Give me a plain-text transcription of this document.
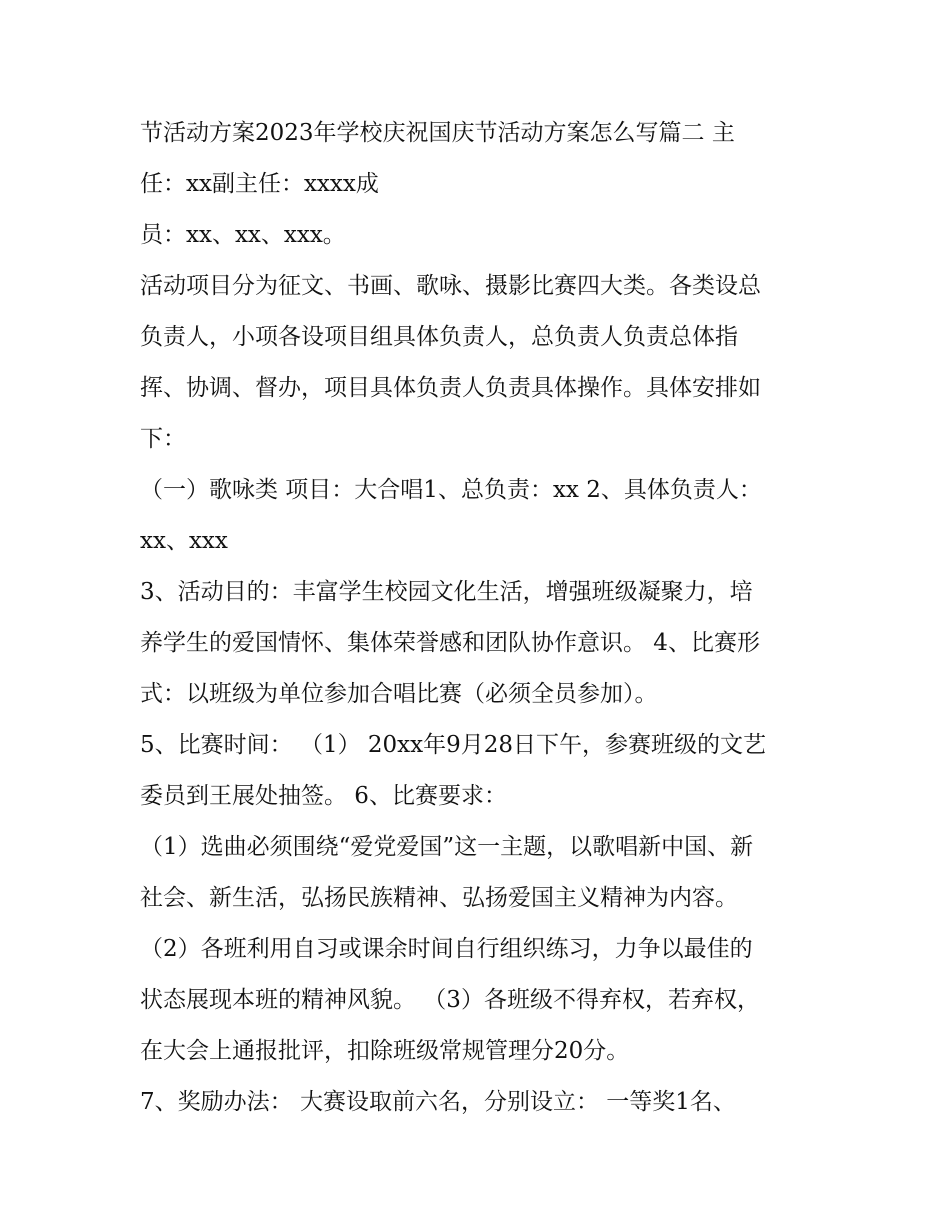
节活动方案2023年学校庆祝国庆节活动方案怎么写篇二 主
任：xx副主任：xxxx成
员：xx、xx、xxx。
活动项目分为征文、书画、歌咏、摄影比赛四大类。各类设总
负责人，小项各设项目组具体负责人，总负责人负责总体指
挥、协调、督办，项目具体负责人负责具体操作。具体安排如
下：
（一）歌咏类 项目：大合唱1、总负责：xx 2、具体负责人：
xx、xxx
3、活动目的：丰富学生校园文化生活，增强班级凝聚力，培
养学生的爱国情怀、集体荣誉感和团队协作意识。 4、比赛形
式：以班级为单位参加合唱比赛（必须全员参加）。
5、比赛时间： （1） 20xx年9月28日下午，参赛班级的文艺
委员到王展处抽签。 6、比赛要求：
（1）选曲必须围绕“爱党爱国”这一主题，以歌唱新中国、新
社会、新生活，弘扬民族精神、弘扬爱国主义精神为内容。
（2）各班利用自习或课余时间自行组织练习，力争以最佳的
状态展现本班的精神风貌。 （3）各班级不得弃权，若弃权，
在大会上通报批评，扣除班级常规管理分20分。
7、奖励办法： 大赛设取前六名，分别设立： 一等奖1名、
